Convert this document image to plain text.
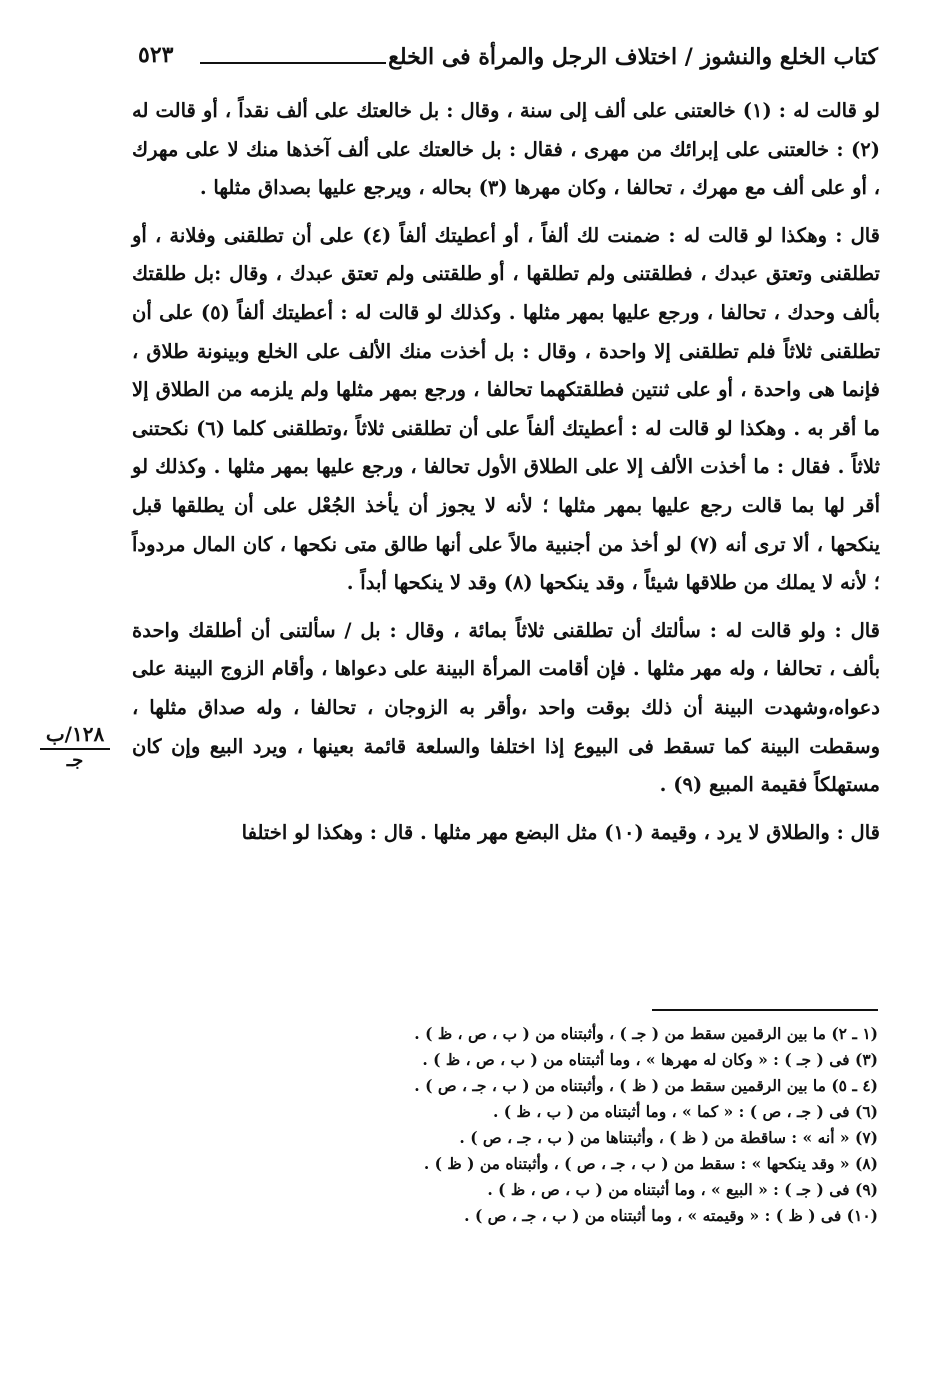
٥٢٣	كتاب الخلع والنشوز / اختلاف الرجل والمرأة فى الخلع
١٢٨/ب
جـ

لو قالت له : (١) خالعتنى على ألف إلى سنة ، وقال : بل خالعتك على ألف نقداً ، أو قالت له (٢) : خالعتنى على إبرائك من مهرى ، فقال : بل خالعتك على ألف آخذها منك لا على مهرك ، أو على ألف مع مهرك ، تحالفا ، وكان مهرها (٣) بحاله ، ويرجع عليها بصداق مثلها .

قال : وهكذا لو قالت له : ضمنت لك ألفاً ، أو أعطيتك ألفاً (٤) على أن تطلقنى وفلانة ، أو تطلقنى وتعتق عبدك ، فطلقتنى ولم تطلقها ، أو طلقتنى ولم تعتق عبدك ، وقال :بل طلقتك بألف وحدك ، تحالفا ، ورجع عليها بمهر مثلها . وكذلك لو قالت له : أعطيتك ألفاً (٥) على أن تطلقنى ثلاثاً فلم تطلقنى إلا واحدة ، وقال : بل أخذت منك الألف على الخلع وبينونة طلاق ، فإنما هى واحدة ، أو على ثنتين فطلقتكهما تحالفا ، ورجع بمهر مثلها ولم يلزمه من الطلاق إلا ما أقر به . وهكذا لو قالت له : أعطيتك ألفاً على أن تطلقنى ثلاثاً ،وتطلقنى كلما (٦) نكحتنى ثلاثاً . فقال : ما أخذت الألف إلا على الطلاق الأول تحالفا ، ورجع عليها بمهر مثلها . وكذلك لو أقر لها بما قالت رجع عليها بمهر مثلها ؛ لأنه لا يجوز أن يأخذ الجُعْل على أن يطلقها قبل ينكحها ، ألا ترى أنه (٧) لو أخذ من أجنبية مالاً على أنها طالق متى نكحها ، كان المال مردوداً ؛ لأنه لا يملك من طلاقها شيئاً ، وقد ينكحها (٨) وقد لا ينكحها أبداً .

قال : ولو قالت له : سألتك أن تطلقنى ثلاثاً بمائة ، وقال : بل / سألتنى أن أطلقك واحدة بألف ، تحالفا ، وله مهر مثلها . فإن أقامت المرأة البينة على دعواها ، وأقام الزوج البينة على دعواه،وشهدت البينة أن ذلك بوقت واحد ،وأقر به الزوجان ، تحالفا ، وله صداق مثلها ، وسقطت البينة كما تسقط فى البيوع إذا اختلفا والسلعة قائمة بعينها ، ويرد البيع وإن كان مستهلكاً فقيمة المبيع (٩) .

قال : والطلاق لا يرد ، وقيمة (١٠) مثل البضع مهر مثلها . قال : وهكذا لو اختلفا

(١ ـ ٢) ما بين الرقمين سقط من ( جـ ) ، وأثبتناه من ( ب ، ص ، ظ ) .
(٣) فى ( جـ ) : « وكان له مهرها » ، وما أثبتناه من ( ب ، ص ، ظ ) .
(٤ ـ ٥) ما بين الرقمين سقط من ( ظ ) ، وأثبتناه من ( ب ، جـ ، ص ) .
(٦) فى ( جـ ، ص ) : « كما » ، وما أثبتناه من ( ب ، ظ ) .
(٧) « أنه » : ساقطة من ( ظ ) ، وأثبتناها من ( ب ، جـ ، ص ) .
(٨) « وقد ينكحها » : سقط من ( ب ، جـ ، ص ) ، وأثبتناه من ( ظ ) .
(٩) فى ( جـ ) : « البيع » ، وما أثبتناه من ( ب ، ص ، ظ ) .
(١٠) فى ( ظ ) : « وقيمته » ، وما أثبتناه من ( ب ، جـ ، ص ) .
